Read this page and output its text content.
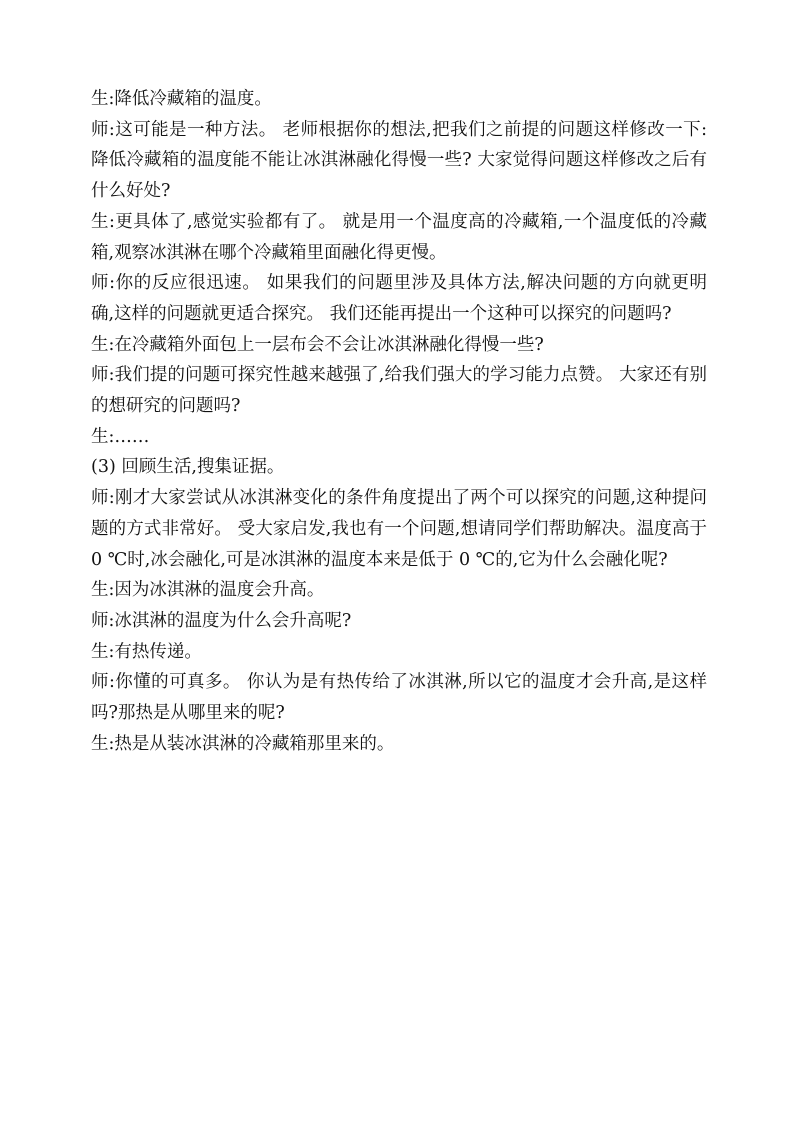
生:降低冷藏箱的温度。

师:这可能是一种方法。 老师根据你的想法,把我们之前提的问题这样修改一下:降低冷藏箱的温度能不能让冰淇淋融化得慢一些? 大家觉得问题这样修改之后有什么好处?

生:更具体了,感觉实验都有了。 就是用一个温度高的冷藏箱,一个温度低的冷藏箱,观察冰淇淋在哪个冷藏箱里面融化得更慢。

师:你的反应很迅速。 如果我们的问题里涉及具体方法,解决问题的方向就更明确,这样的问题就更适合探究。 我们还能再提出一个这种可以探究的问题吗?

生:在冷藏箱外面包上一层布会不会让冰淇淋融化得慢一些?

师:我们提的问题可探究性越来越强了,给我们强大的学习能力点赞。 大家还有别的想研究的问题吗?

生:……

(3) 回顾生活,搜集证据。

师:刚才大家尝试从冰淇淋变化的条件角度提出了两个可以探究的问题,这种提问题的方式非常好。 受大家启发,我也有一个问题,想请同学们帮助解决。温度高于 0 ℃时,冰会融化,可是冰淇淋的温度本来是低于 0 ℃的,它为什么会融化呢?

生:因为冰淇淋的温度会升高。

师:冰淇淋的温度为什么会升高呢?

生:有热传递。

师:你懂的可真多。 你认为是有热传给了冰淇淋,所以它的温度才会升高,是这样吗?那热是从哪里来的呢?

生:热是从装冰淇淋的冷藏箱那里来的。
